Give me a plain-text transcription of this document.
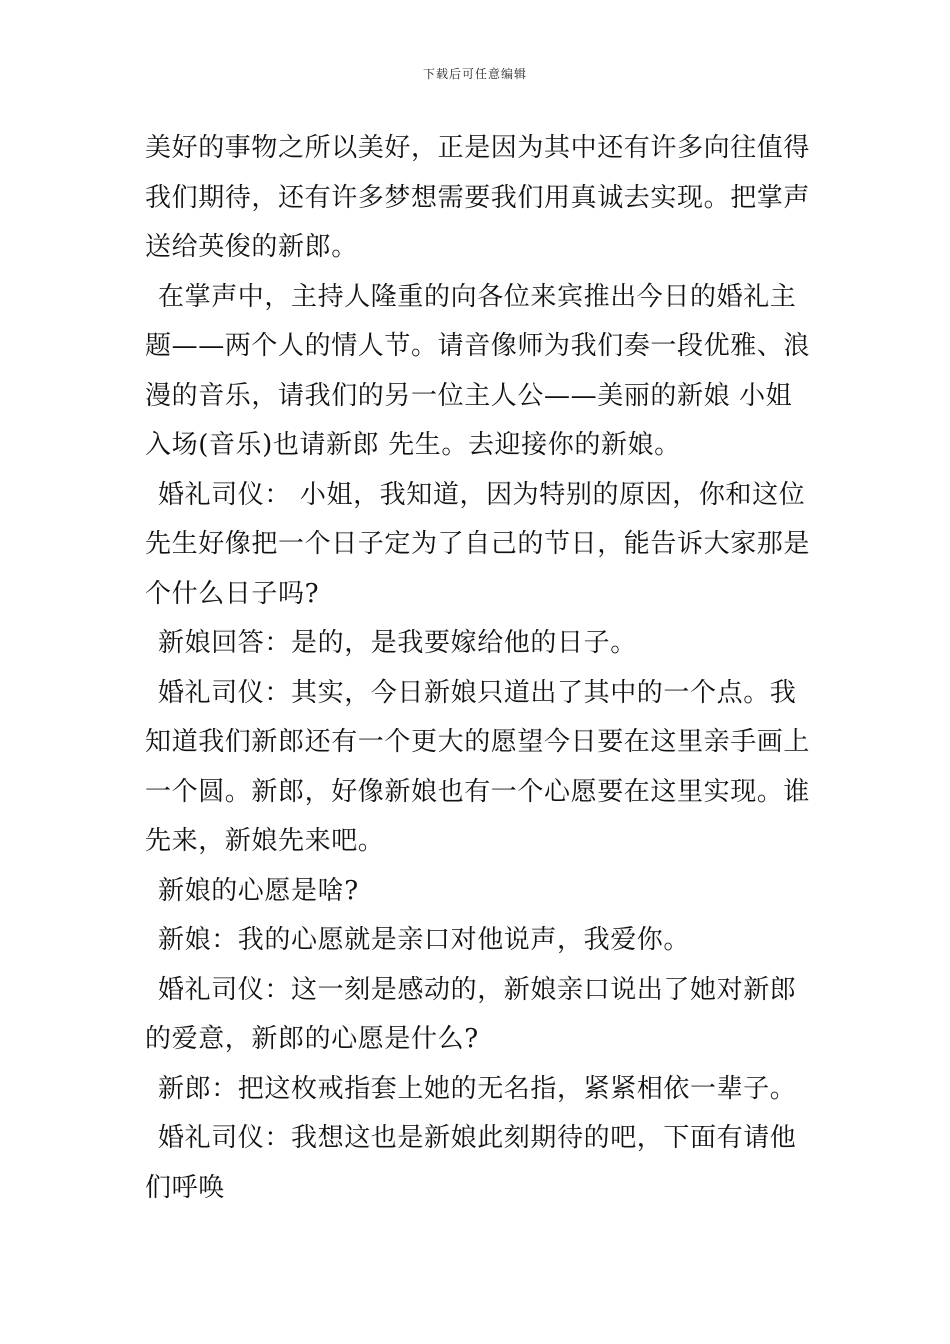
下载后可任意编辑

美好的事物之所以美好，正是因为其中还有许多向往值得我们期待，还有许多梦想需要我们用真诚去实现。把掌声送给英俊的新郎。

在掌声中，主持人隆重的向各位来宾推出今日的婚礼主题——两个人的情人节。请音像师为我们奏一段优雅、浪漫的音乐，请我们的另一位主人公——美丽的新娘 小姐入场(音乐)也请新郎 先生。去迎接你的新娘。

婚礼司仪： 小姐，我知道，因为特别的原因，你和这位先生好像把一个日子定为了自己的节日，能告诉大家那是个什么日子吗?

新娘回答：是的，是我要嫁给他的日子。

婚礼司仪：其实，今日新娘只道出了其中的一个点。我知道我们新郎还有一个更大的愿望今日要在这里亲手画上一个圆。新郎，好像新娘也有一个心愿要在这里实现。谁先来，新娘先来吧。

新娘的心愿是啥?

新娘：我的心愿就是亲口对他说声，我爱你。

婚礼司仪：这一刻是感动的，新娘亲口说出了她对新郎的爱意，新郎的心愿是什么?

新郎：把这枚戒指套上她的无名指，紧紧相依一辈子。

婚礼司仪：我想这也是新娘此刻期待的吧，下面有请他们呼唤
